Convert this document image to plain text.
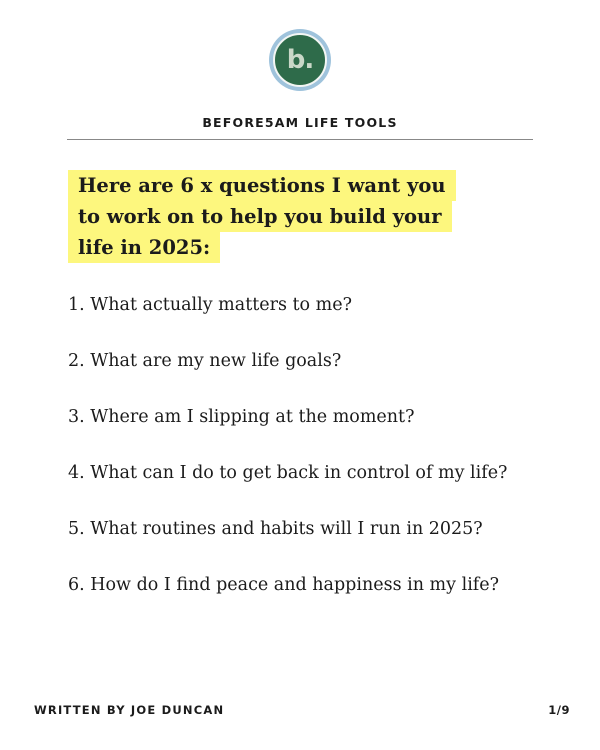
b.
BEFORE5AM LIFE TOOLS
Here are 6 x questions I want you to work on to help you build your life in 2025:
1. What actually matters to me?
2. What are my new life goals?
3. Where am I slipping at the moment?
4. What can I do to get back in control of my life?
5. What routines and habits will I run in 2025?
6. How do I find peace and happiness in my life?
WRITTEN BY JOE DUNCAN	1/9
